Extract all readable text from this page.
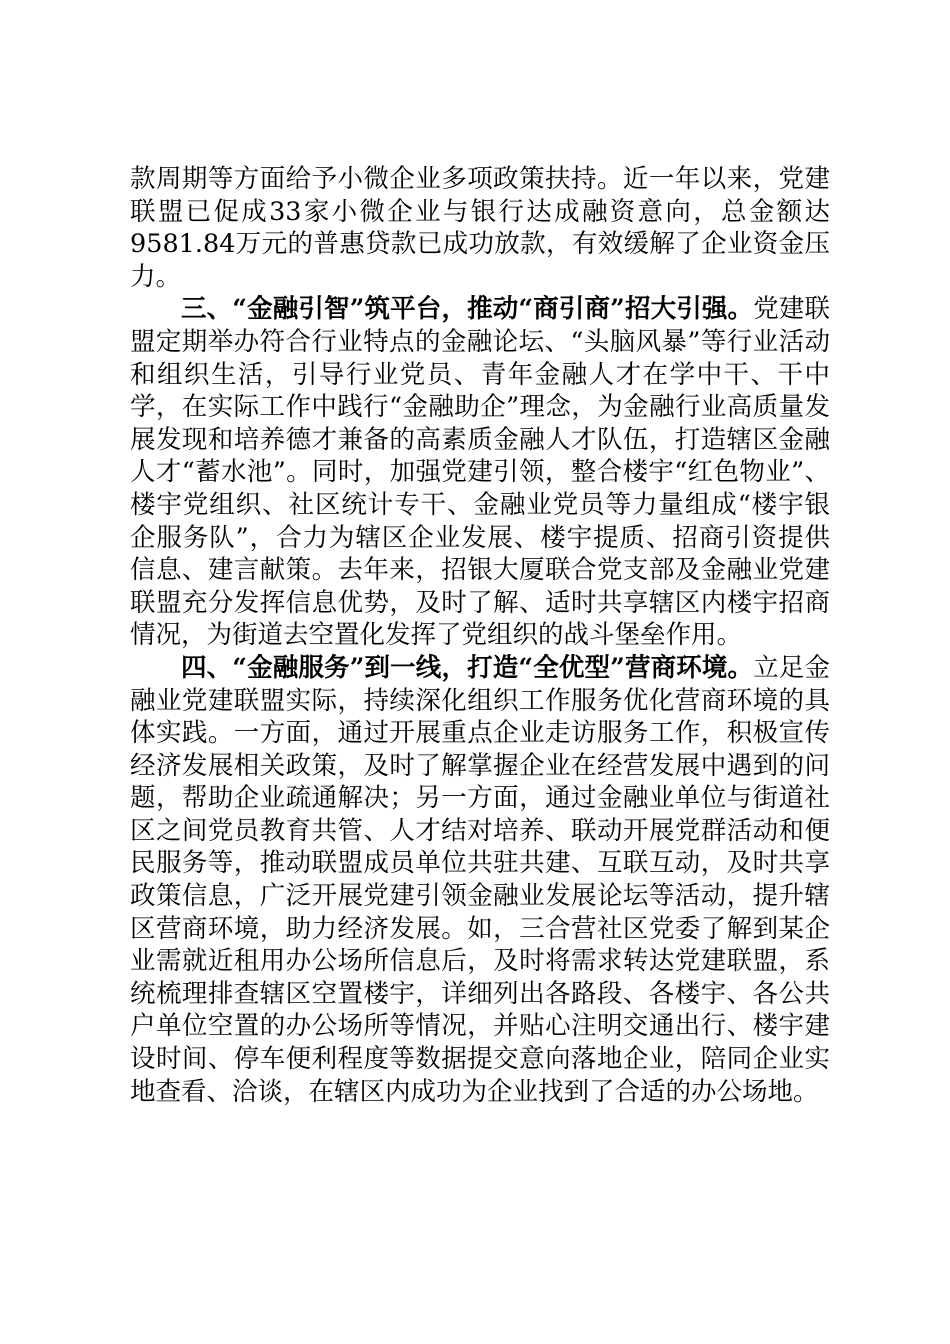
款周期等方面给予小微企业多项政策扶持。近一年以来，党建联盟已促成33家小微企业与银行达成融资意向，总金额达9581.84万元的普惠贷款已成功放款，有效缓解了企业资金压力。

三、“金融引智”筑平台，推动“商引商”招大引强。党建联盟定期举办符合行业特点的金融论坛、“头脑风暴”等行业活动和组织生活，引导行业党员、青年金融人才在学中干、干中学，在实际工作中践行“金融助企”理念，为金融行业高质量发展发现和培养德才兼备的高素质金融人才队伍，打造辖区金融人才“蓄水池”。同时，加强党建引领，整合楼宇“红色物业”、楼宇党组织、社区统计专干、金融业党员等力量组成“楼宇银企服务队”，合力为辖区企业发展、楼宇提质、招商引资提供信息、建言献策。去年来，招银大厦联合党支部及金融业党建联盟充分发挥信息优势，及时了解、适时共享辖区内楼宇招商情况，为街道去空置化发挥了党组织的战斗堡垒作用。

四、“金融服务”到一线，打造“全优型”营商环境。立足金融业党建联盟实际，持续深化组织工作服务优化营商环境的具体实践。一方面，通过开展重点企业走访服务工作，积极宣传经济发展相关政策，及时了解掌握企业在经营发展中遇到的问题，帮助企业疏通解决；另一方面，通过金融业单位与街道社区之间党员教育共管、人才结对培养、联动开展党群活动和便民服务等，推动联盟成员单位共驻共建、互联互动，及时共享政策信息，广泛开展党建引领金融业发展论坛等活动，提升辖区营商环境，助力经济发展。如，三合营社区党委了解到某企业需就近租用办公场所信息后，及时将需求转达党建联盟，系统梳理排查辖区空置楼宇，详细列出各路段、各楼宇、各公共户单位空置的办公场所等情况，并贴心注明交通出行、楼宇建设时间、停车便利程度等数据提交意向落地企业，陪同企业实地查看、洽谈，在辖区内成功为企业找到了合适的办公场地。
